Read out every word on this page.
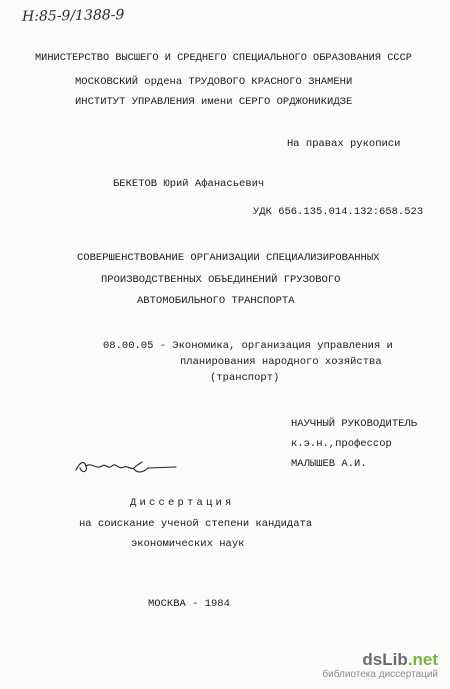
H:85-9/1388-9
МИНИСТЕРСТВО ВЫСШЕГО И СРЕДНЕГО СПЕЦИАЛЬНОГО ОБРАЗОВАНИЯ СССР
МОСКОВСКИЙ ордена ТРУДОВОГО КРАСНОГО ЗНАМЕНИ
ИНСТИТУТ УПРАВЛЕНИЯ имени СЕРГО ОРДЖОНИКИДЗЕ
На правах рукописи
БЕКЕТОВ Юрий Афанасьевич
УДК 656.135.014.132:658.523
СОВЕРШЕНСТВОВАНИЕ ОРГАНИЗАЦИИ СПЕЦИАЛИЗИРОВАННЫХ
ПРОИЗВОДСТВЕННЫХ ОБЪЕДИНЕНИЙ ГРУЗОВОГО
АВТОМОБИЛЬНОГО ТРАНСПОРТА
08.00.05 - Экономика, организация управления и
планирования народного хозяйства
(транспорт)
НАУЧНЫЙ РУКОВОДИТЕЛЬ
к.э.н.,профессор
МАЛЫШЕВ А.И.
Диссертация
на соискание ученой степени кандидата
экономических наук
МОСКВА - 1984
dsLib.net
библиотека диссертаций
